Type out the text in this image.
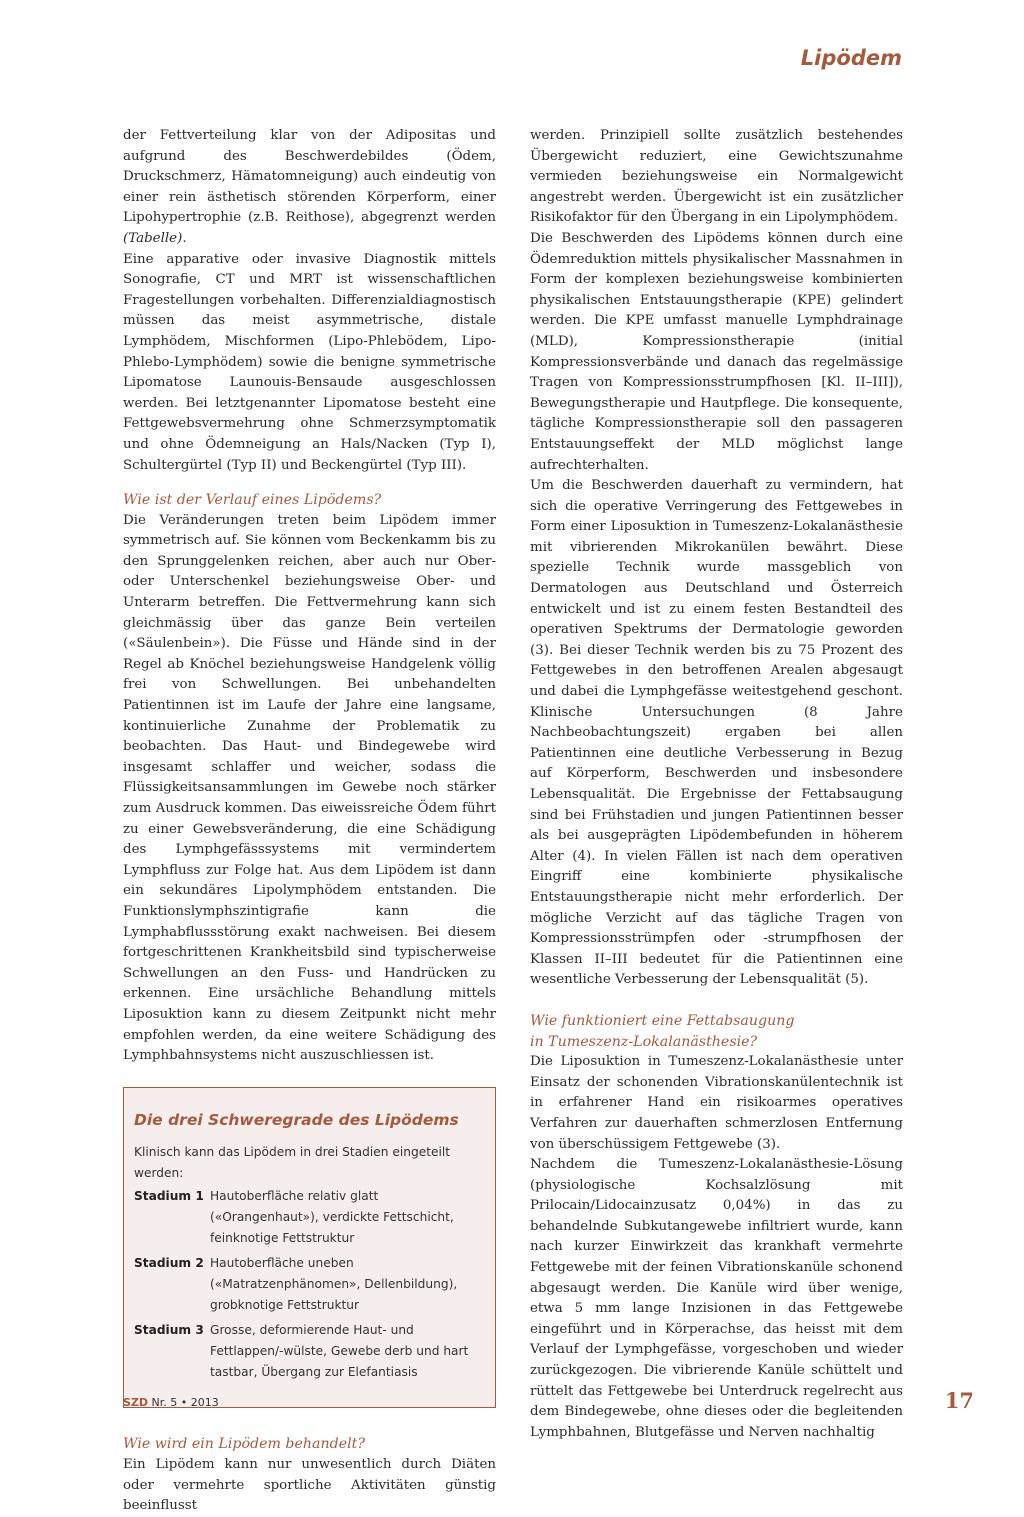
Lipödem

der Fettverteilung klar von der Adipositas und aufgrund des Beschwerdebildes (Ödem, Druckschmerz, Hämatomneigung) auch eindeutig von einer rein ästhetisch störenden Körperform, einer Lipohypertrophie (z.B. Reithose), abgegrenzt werden (Tabelle).

Eine apparative oder invasive Diagnostik mittels Sonografie, CT und MRT ist wissenschaftlichen Fragestellungen vorbehalten. Differenzialdiagnostisch müssen das meist asymmetrische, distale Lymphödem, Mischformen (Lipo-Phlebödem, Lipo-Phlebo-Lymphödem) sowie die benigne symmetrische Lipomatose Launouis-Bensaude ausgeschlossen werden. Bei letztgenannter Lipomatose besteht eine Fettgewebsvermehrung ohne Schmerzsymptomatik und ohne Ödemneigung an Hals/Nacken (Typ I), Schultergürtel (Typ II) und Beckengürtel (Typ III).

Wie ist der Verlauf eines Lipödems?

Die Veränderungen treten beim Lipödem immer symmetrisch auf. Sie können vom Beckenkamm bis zu den Sprunggelenken reichen, aber auch nur Ober- oder Unterschenkel beziehungsweise Ober- und Unterarm betreffen. Die Fettvermehrung kann sich gleichmässig über das ganze Bein verteilen («Säulenbein»). Die Füsse und Hände sind in der Regel ab Knöchel beziehungsweise Handgelenk völlig frei von Schwellungen. Bei unbehandelten Patientinnen ist im Laufe der Jahre eine langsame, kontinuierliche Zunahme der Problematik zu beobachten. Das Haut- und Bindegewebe wird insgesamt schlaffer und weicher, sodass die Flüssigkeitsansammlungen im Gewebe noch stärker zum Ausdruck kommen. Das eiweissreiche Ödem führt zu einer Gewebsveränderung, die eine Schädigung des Lymphgefässsystems mit vermindertem Lymphfluss zur Folge hat. Aus dem Lipödem ist dann ein sekundäres Lipolymphödem entstanden. Die Funktionslymphszintigrafie kann die Lymphabflussstörung exakt nachweisen. Bei diesem fortgeschrittenen Krankheitsbild sind typischerweise Schwellungen an den Fuss- und Handrücken zu erkennen. Eine ursächliche Behandlung mittels Liposuktion kann zu diesem Zeitpunkt nicht mehr empfohlen werden, da eine weitere Schädigung des Lymphbahnsystems nicht auszuschliessen ist.

Die drei Schweregrade des Lipödems
Klinisch kann das Lipödem in drei Stadien eingeteilt werden:
Stadium 1 Hautoberfläche relativ glatt («Orangenhaut»), verdickte Fettschicht, feinknotige Fettstruktur
Stadium 2 Hautoberfläche uneben («Matratzenphänomen», Dellenbildung), grobknotige Fettstruktur
Stadium 3 Grosse, deformierende Haut- und Fettlappen/-wülste, Gewebe derb und hart tastbar, Übergang zur Elefantiasis
Wie wird ein Lipödem behandelt?

Ein Lipödem kann nur unwesentlich durch Diäten oder vermehrte sportliche Aktivitäten günstig beeinflusst

werden. Prinzipiell sollte zusätzlich bestehendes Übergewicht reduziert, eine Gewichtszunahme vermieden beziehungsweise ein Normalgewicht angestrebt werden. Übergewicht ist ein zusätzlicher Risikofaktor für den Übergang in ein Lipolymphödem.

Die Beschwerden des Lipödems können durch eine Ödemreduktion mittels physikalischer Massnahmen in Form der komplexen beziehungsweise kombinierten physikalischen Entstauungstherapie (KPE) gelindert werden. Die KPE umfasst manuelle Lymphdrainage (MLD), Kompressionstherapie (initial Kompressionsverbände und danach das regelmässige Tragen von Kompressionsstrumpfhosen [Kl. II–III]), Bewegungstherapie und Hautpflege. Die konsequente, tägliche Kompressionstherapie soll den passageren Entstauungseffekt der MLD möglichst lange aufrechterhalten.

Um die Beschwerden dauerhaft zu vermindern, hat sich die operative Verringerung des Fettgewebes in Form einer Liposuktion in Tumeszenz-Lokalanästhesie mit vibrierenden Mikrokanülen bewährt. Diese spezielle Technik wurde massgeblich von Dermatologen aus Deutschland und Österreich entwickelt und ist zu einem festen Bestandteil des operativen Spektrums der Dermatologie geworden (3). Bei dieser Technik werden bis zu 75 Prozent des Fettgewebes in den betroffenen Arealen abgesaugt und dabei die Lymphgefässe weitestgehend geschont. Klinische Untersuchungen (8 Jahre Nachbeobachtungszeit) ergaben bei allen Patientinnen eine deutliche Verbesserung in Bezug auf Körperform, Beschwerden und insbesondere Lebensqualität. Die Ergebnisse der Fettabsaugung sind bei Frühstadien und jungen Patientinnen besser als bei ausgeprägten Lipödembefunden in höherem Alter (4). In vielen Fällen ist nach dem operativen Eingriff eine kombinierte physikalische Entstauungstherapie nicht mehr erforderlich. Der mögliche Verzicht auf das tägliche Tragen von Kompressionsstrümpfen oder -strumpfhosen der Klassen II–III bedeutet für die Patientinnen eine wesentliche Verbesserung der Lebensqualität (5).

Wie funktioniert eine Fettabsaugung
in Tumeszenz-Lokalanästhesie?

Die Liposuktion in Tumeszenz-Lokalanästhesie unter Einsatz der schonenden Vibrationskanülentechnik ist in erfahrener Hand ein risikoarmes operatives Verfahren zur dauerhaften schmerzlosen Entfernung von überschüssigem Fettgewebe (3).

Nachdem die Tumeszenz-Lokalanästhesie-Lösung (physiologische Kochsalzlösung mit Prilocain/Lidocainzusatz 0,04%) in das zu behandelnde Subkutangewebe infiltriert wurde, kann nach kurzer Einwirkzeit das krankhaft vermehrte Fettgewebe mit der feinen Vibrationskanüle schonend abgesaugt werden. Die Kanüle wird über wenige, etwa 5 mm lange Inzisionen in das Fettgewebe eingeführt und in Körperachse, das heisst mit dem Verlauf der Lymphgefässe, vorgeschoben und wieder zurückgezogen. Die vibrierende Kanüle schüttelt und rüttelt das Fettgewebe bei Unterdruck regelrecht aus dem Bindegewebe, ohne dieses oder die begleitenden Lymphbahnen, Blutgefässe und Nerven nachhaltig

SZD Nr. 5 • 2013	17
